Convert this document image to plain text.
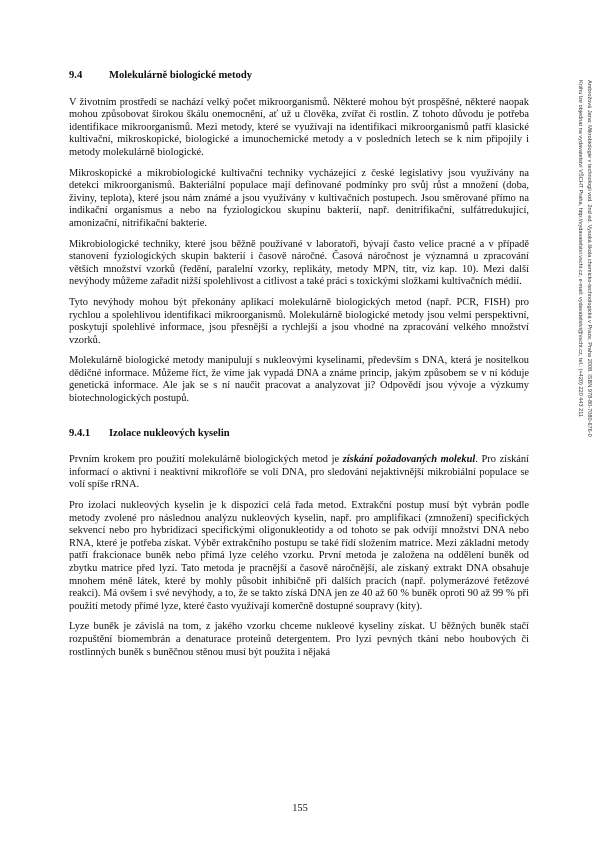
Ambrožová Jana: Mikrobiologie v technologii vod. 2nd ed. Vysoká škola chemicko-technologická v Praze, Praha 2008. ISBN 978-80-7080-676-0
Knihu lze objednat na vydavatelství VŠCHT Praha, http://vydavatelstvi.vscht.cz, e-mail: vydavatelstvi@vscht.cz, tel.: (+420) 220 443 211
9.4	Molekulárně biologické metody

V životním prostředí se nachází velký počet mikroorganismů. Některé mohou být prospěšné, některé naopak mohou způsobovat širokou škálu onemocnění, ať už u člověka, zvířat či rostlin. Z tohoto důvodu je potřeba identifikace mikroorganismů. Mezi metody, které se využívají na identifikaci mikroorganismů patří klasické kultivační, mikroskopické, biologické a imunochemické metody a v posledních letech se k nim připojily i metody molekulárně biologické.

Mikroskopické a mikrobiologické kultivační techniky vycházející z české legislativy jsou využívány na detekci mikroorganismů. Bakteriální populace mají definované podmínky pro svůj růst a množení (doba, živiny, teplota), které jsou nám známé a jsou využívány v kultivačních postupech. Jsou směrované přímo na indikační organismus a nebo na fyziologickou skupinu bakterií, např. denitrifikační, sulfátredukující, amonizační, nitrifikační bakterie.

Mikrobiologické techniky, které jsou běžně používané v laboratoři, bývají často velice pracné a v případě stanovení fyziologických skupin bakterií i časově náročné. Časová náročnost je významná u zpracování větších množství vzorků (ředění, paralelní vzorky, replikáty, metody MPN, titr, viz kap. 10). Mezi další nevýhody můžeme zařadit nižší spolehlivost a citlivost a také práci s toxickými složkami kultivačních médií.

Tyto nevýhody mohou být překonány aplikací molekulárně biologických metod (např. PCR, FISH) pro rychlou a spolehlivou identifikaci mikroorganismů. Molekulárně biologické metody jsou velmi perspektivní, poskytují spolehlivé informace, jsou přesnější a rychlejší a jsou vhodné na zpracování velkého množství vzorků.

Molekulárně biologické metody manipulují s nukleovými kyselinami, především s DNA, která je nositelkou dědičné informace. Můžeme říct, že víme jak vypadá DNA a známe princip, jakým způsobem se v ní kóduje genetická informace. Ale jak se s ní naučit pracovat a analyzovat ji? Odpovědí jsou vývoje a výzkumy biotechnologických postupů.

9.4.1	Izolace nukleových kyselin

Prvním krokem pro použití molekulárně biologických metod je získání požadovaných molekul. Pro získání informací o aktivní i neaktivní mikroflóře se volí DNA, pro sledování nejaktivnější mikrobiální populace se volí spíše rRNA.

Pro izolaci nukleových kyselin je k dispozici celá řada metod. Extrakční postup musí být vybrán podle metody zvolené pro následnou analýzu nukleových kyselin, např. pro amplifikaci (zmnožení) specifických sekvencí nebo pro hybridizaci specifickými oligonukleotidy a od tohoto se pak odvíjí množství DNA nebo RNA, které je potřeba získat. Výběr extrakčního postupu se také řídí složením matrice. Mezi základní metody patří frakcionace buněk nebo přímá lyze celého vzorku. První metoda je založena na oddělení buněk od zbytku matrice před lyzí. Tato metoda je pracnější a časově náročnější, ale získaný extrakt DNA obsahuje mnohem méně látek, které by mohly působit inhibičně při dalších pracích (např. polymerázové řetězové reakci). Má ovšem i své nevýhody, a to, že se takto získá DNA jen ze 40 až 60 % buněk oproti 90 až 99 % při použití metody přímé lyze, které často využívají komerčně dostupné soupravy (kity).

Lyze buněk je závislá na tom, z jakého vzorku chceme nukleové kyseliny získat. U běžných buněk stačí rozpuštění biomembrán a denaturace proteinů detergentem. Pro lyzi pevných tkání nebo houbových či rostlinných buněk s buněčnou stěnou musí být použita i nějaká

155
